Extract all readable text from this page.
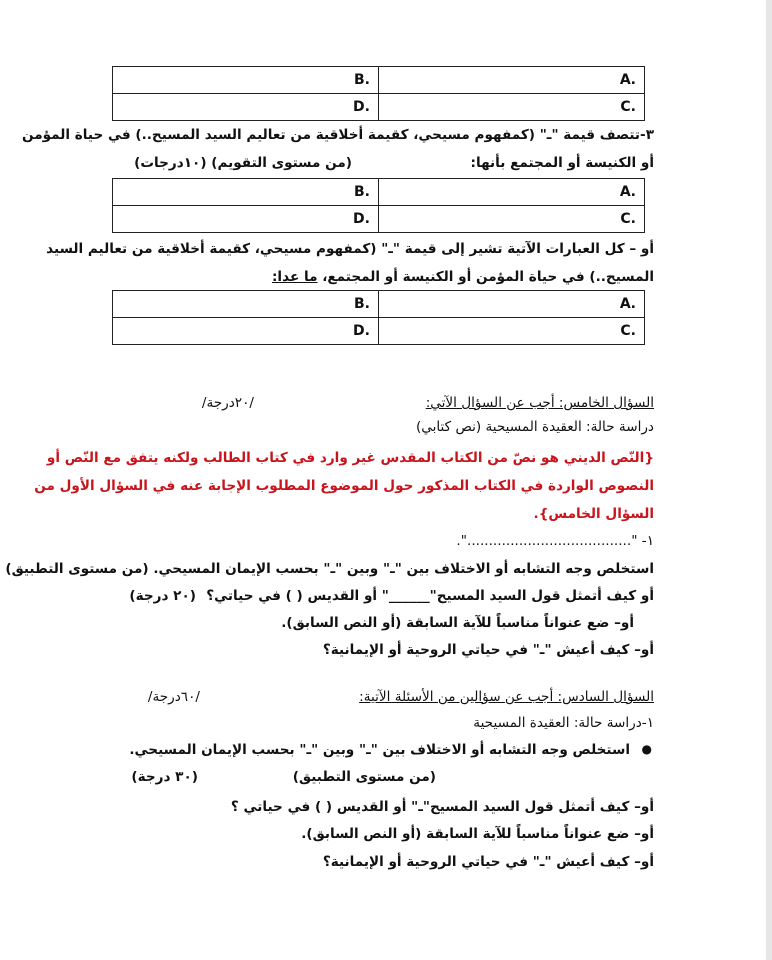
.A	.B
.C	.D
٣-تتصف قيمة "ـ" (كمفهوم مسيحي، كقيمة أخلاقية من تعاليم السيد المسيح..) في حياة المؤمن
أو الكنيسة أو المجتمع بأنها:
(من مستوى التقويم) (١٠درجات)
.A	.B
.C	.D
أو – كل العبارات الآتية تشير إلى قيمة "ـ" (كمفهوم مسيحي، كقيمة أخلاقية من تعاليم السيد
المسيح..) في حياة المؤمن أو الكنيسة أو المجتمع، ما عدا:
.A	.B
.C	.D
السؤال الخامس: أجب عن السؤال الآتي:
/٢٠درجة/
دراسة حالة: العقيدة المسيحية (نص كتابي)
{النّص الديني هو نصّ من الكتاب المقدس غير وارد في كتاب الطالب ولكنه يتفق مع النّص أو
النصوص الواردة في الكتاب المذكور حول الموضوع المطلوب الإجابة عنه في السؤال الأول من
السؤال الخامس}.
١- "......................................".
استخلص وجه التشابه أو الاختلاف بين "ـ" وبين "ـ" بحسب الإيمان المسيحي. (من مستوى التطبيق)
أو كيف أتمثل قول السيد المسيح"______" أو القديس ( ) في حياتي؟
(٢٠ درجة)
أو– ضع عنواناً مناسباً للآية السابقة (أو النص السابق).
أو– كيف أعيش "ـ" في حياتي الروحية أو الإيمانية؟
السؤال السادس: أجب عن سؤالين من الأسئلة الآتية:
/٦٠درجة/
١-دراسة حالة: العقيدة المسيحية
●
استخلص وجه التشابه أو الاختلاف بين "ـ" وبين "ـ" بحسب الإيمان المسيحي.
(من مستوى التطبيق)
(٣٠ درجة)
أو– كيف أتمثل قول السيد المسيح"ـ" أو القديس ( ) في حياتي ؟
أو– ضع عنواناً مناسباً للآية السابقة (أو النص السابق).
أو– كيف أعيش "ـ" في حياتي الروحية أو الإيمانية؟
